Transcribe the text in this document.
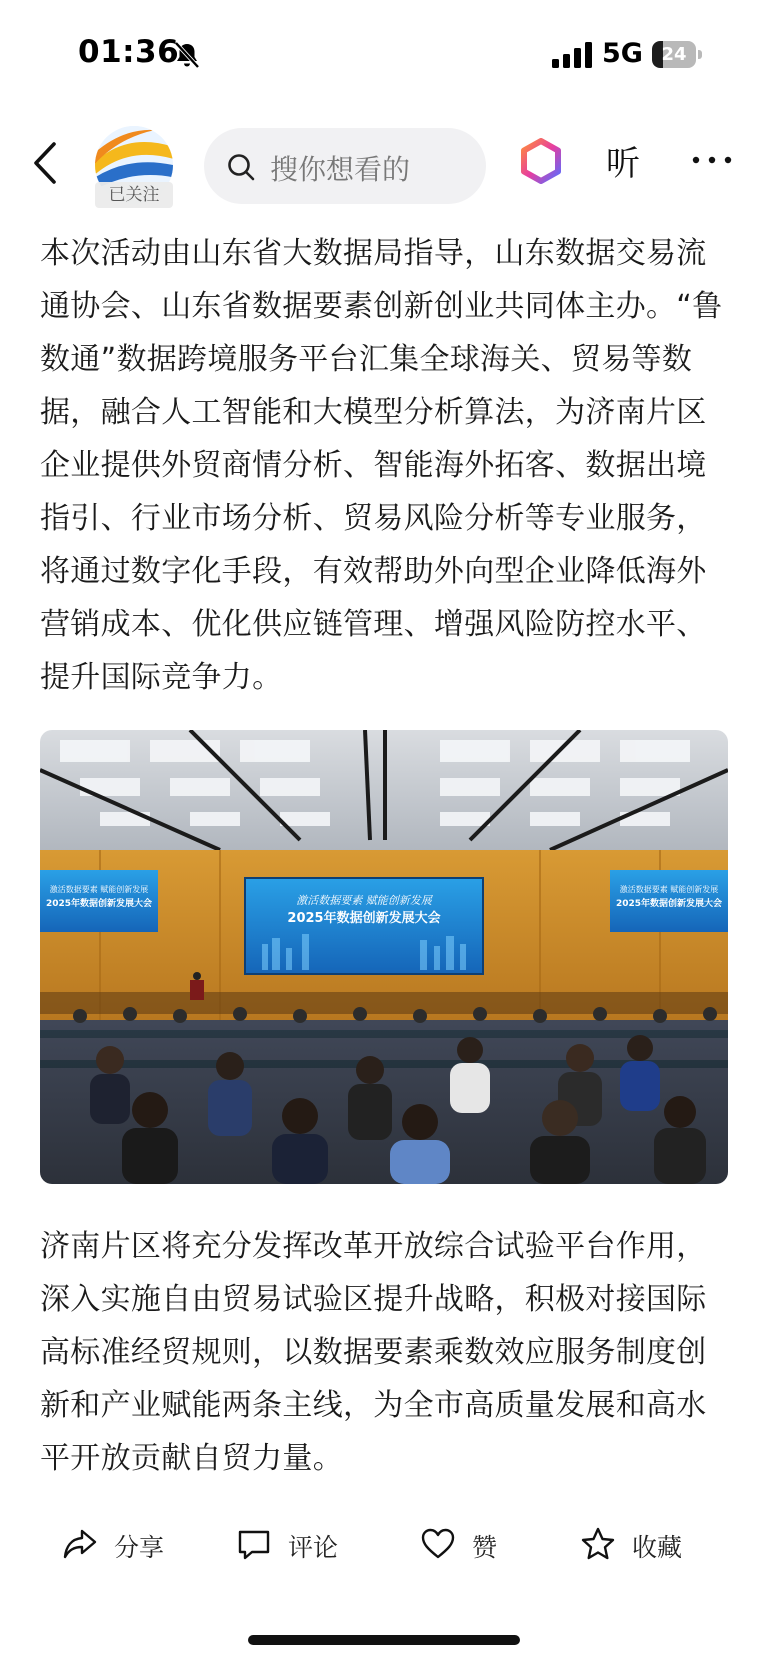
01:36	5G	24
已关注
搜你想看的	听

本次活动由山东省大数据局指导，山东数据交易流通协会、山东省数据要素创新创业共同体主办。“鲁数通”数据跨境服务平台汇集全球海关、贸易等数据，融合人工智能和大模型分析算法，为济南片区企业提供外贸商情分析、智能海外拓客、数据出境指引、行业市场分析、贸易风险分析等专业服务，将通过数字化手段，有效帮助外向型企业降低海外营销成本、优化供应链管理、增强风险防控水平、提升国际竞争力。

激活数据要素 赋能创新发展
2025年数据创新发展大会	激活数据要素 赋能创新发展
2025年数据创新发展大会
激活数据要素 赋能创新发展
2025年数据创新发展大会

济南片区将充分发挥改革开放综合试验平台作用，深入实施自由贸易试验区提升战略，积极对接国际高标准经贸规则，以数据要素乘数效应服务制度创新和产业赋能两条主线，为全市高质量发展和高水平开放贡献自贸力量。

分享	评论	赞	收藏
